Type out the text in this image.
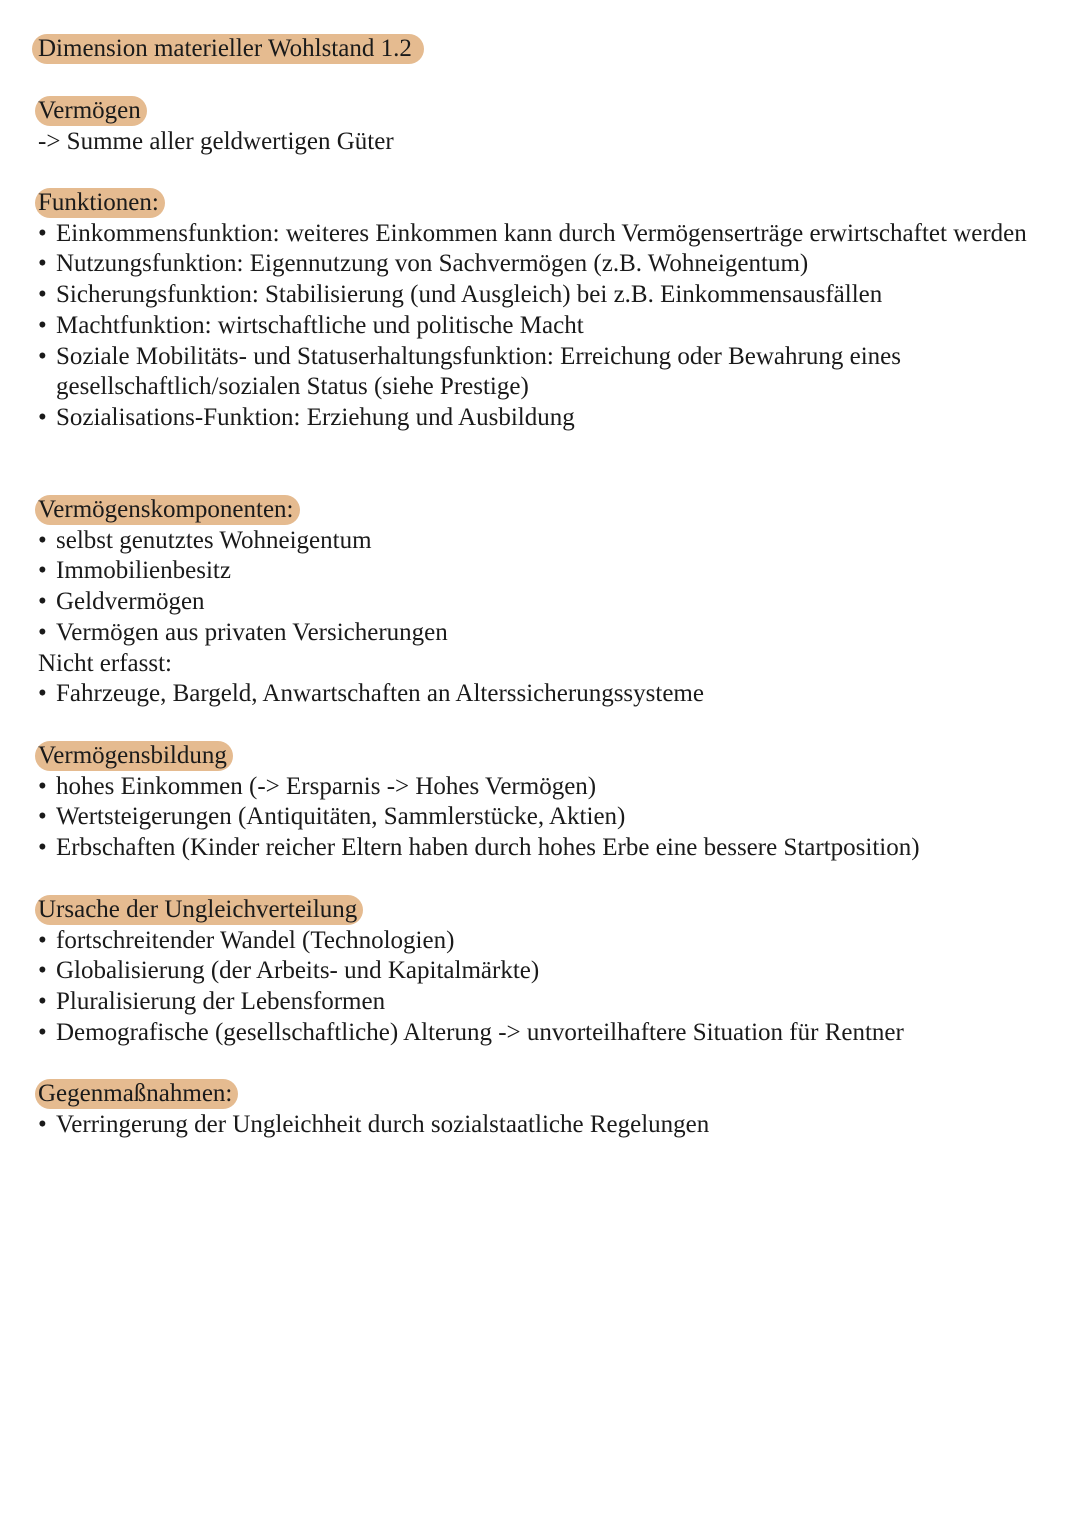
Dimension materieller Wohlstand 1.2
Vermögen
-> Summe aller geldwertigen Güter
Funktionen:
• Einkommensfunktion: weiteres Einkommen kann durch Vermögenserträge erwirtschaftet werden
• Nutzungsfunktion: Eigennutzung von Sachvermögen (z.B. Wohneigentum)
• Sicherungsfunktion: Stabilisierung (und Ausgleich) bei z.B. Einkommensausfällen
• Machtfunktion: wirtschaftliche und politische Macht
• Soziale Mobilitäts- und Statuserhaltungsfunktion: Erreichung oder Bewahrung eines gesellschaftlich/sozialen Status (siehe Prestige)
• Sozialisations-Funktion: Erziehung und Ausbildung
Vermögenskomponenten:
• selbst genutztes Wohneigentum
• Immobilienbesitz
• Geldvermögen
• Vermögen aus privaten Versicherungen
Nicht erfasst:
• Fahrzeuge, Bargeld, Anwartschaften an Alterssicherungssysteme
Vermögensbildung
• hohes Einkommen (-> Ersparnis -> Hohes Vermögen)
• Wertsteigerungen (Antiquitäten, Sammlerstücke, Aktien)
• Erbschaften (Kinder reicher Eltern haben durch hohes Erbe eine bessere Startposition)
Ursache der Ungleichverteilung
• fortschreitender Wandel (Technologien)
• Globalisierung (der Arbeits- und Kapitalmärkte)
• Pluralisierung der Lebensformen
• Demografische (gesellschaftliche) Alterung -> unvorteilhaftere Situation für Rentner
Gegenmaßnahmen:
• Verringerung der Ungleichheit durch sozialstaatliche Regelungen
